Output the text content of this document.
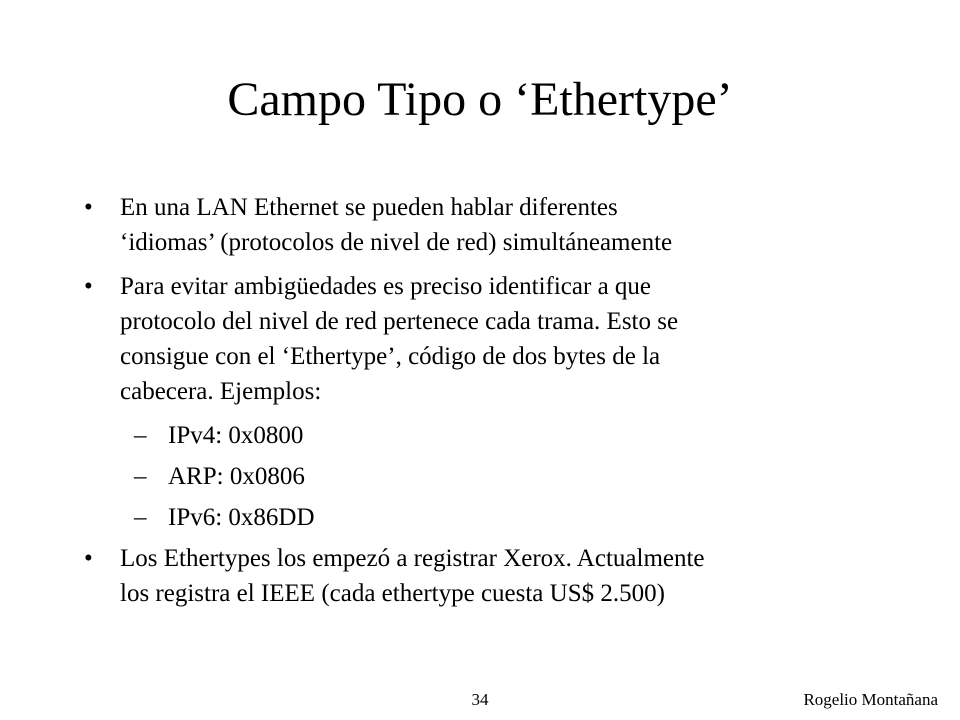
Campo Tipo o ‘Ethertype’
• En una LAN Ethernet se pueden hablar diferentes
‘idiomas’ (protocolos de nivel de red) simultáneamente
• Para evitar ambigüedades es preciso identificar a que
protocolo del nivel de red pertenece cada trama. Esto se
consigue con el ‘Ethertype’, código de dos bytes de la
cabecera. Ejemplos:
– IPv4: 0x0800
– ARP: 0x0806
– IPv6: 0x86DD
• Los Ethertypes los empezó a registrar Xerox. Actualmente
los registra el IEEE (cada ethertype cuesta US$ 2.500)
34	Rogelio Montañana
